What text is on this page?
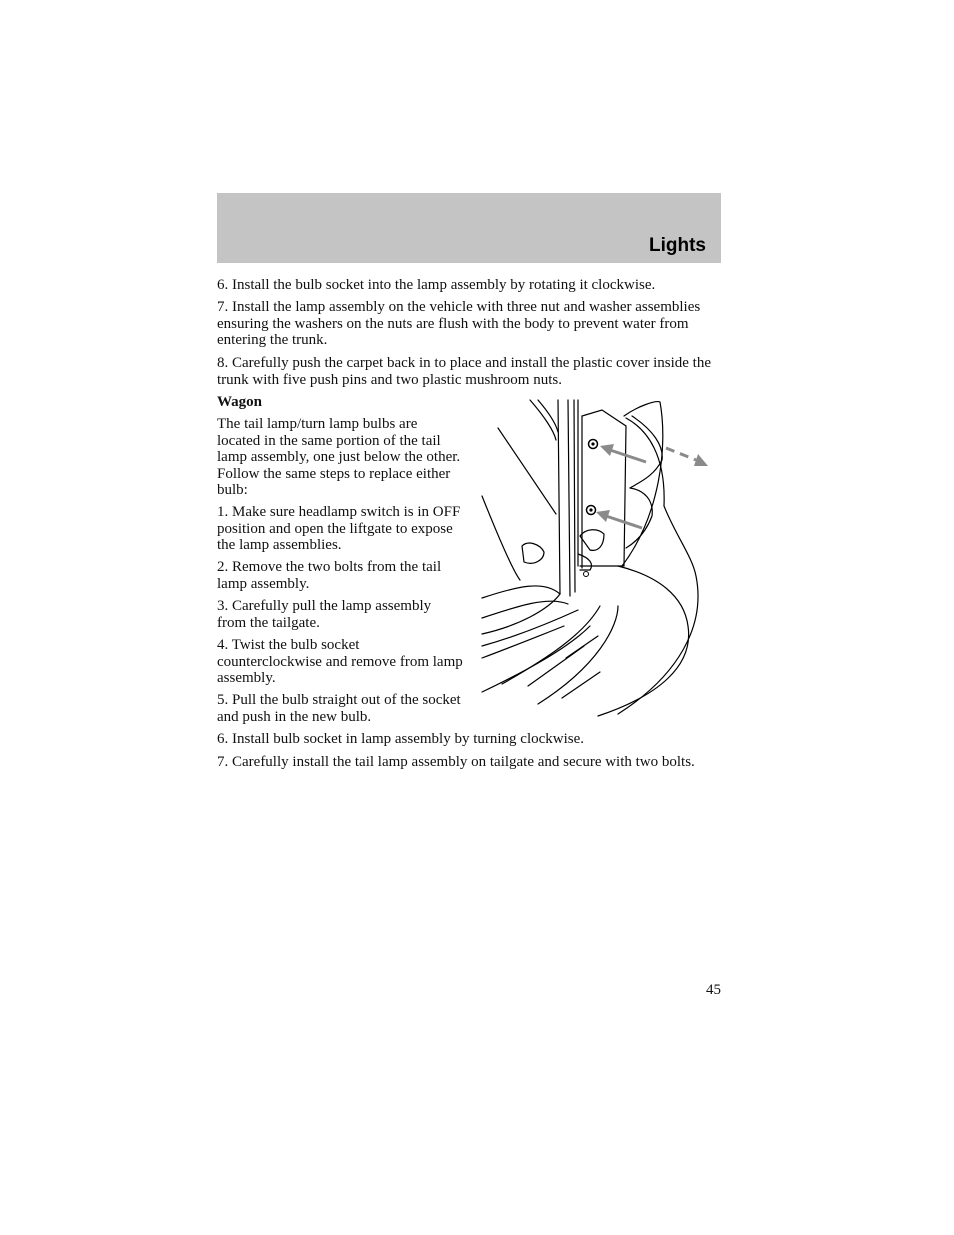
Lights

6. Install the bulb socket into the lamp assembly by rotating it clockwise.

7. Install the lamp assembly on the vehicle with three nut and washer assemblies ensuring the washers on the nuts are flush with the body to prevent water from entering the trunk.

8. Carefully push the carpet back in to place and install the plastic cover inside the trunk with five push pins and two plastic mushroom nuts.

Wagon

The tail lamp/turn lamp bulbs are located in the same portion of the tail lamp assembly, one just below the other. Follow the same steps to replace either bulb:

1. Make sure headlamp switch is in OFF position and open the liftgate to expose the lamp assemblies.

2. Remove the two bolts from the tail lamp assembly.

3. Carefully pull the lamp assembly from the tailgate.

4. Twist the bulb socket counterclockwise and remove from lamp assembly.

5. Pull the bulb straight out of the socket and push in the new bulb.

6. Install bulb socket in lamp assembly by turning clockwise.

7. Carefully install the tail lamp assembly on tailgate and secure with two bolts.

45
